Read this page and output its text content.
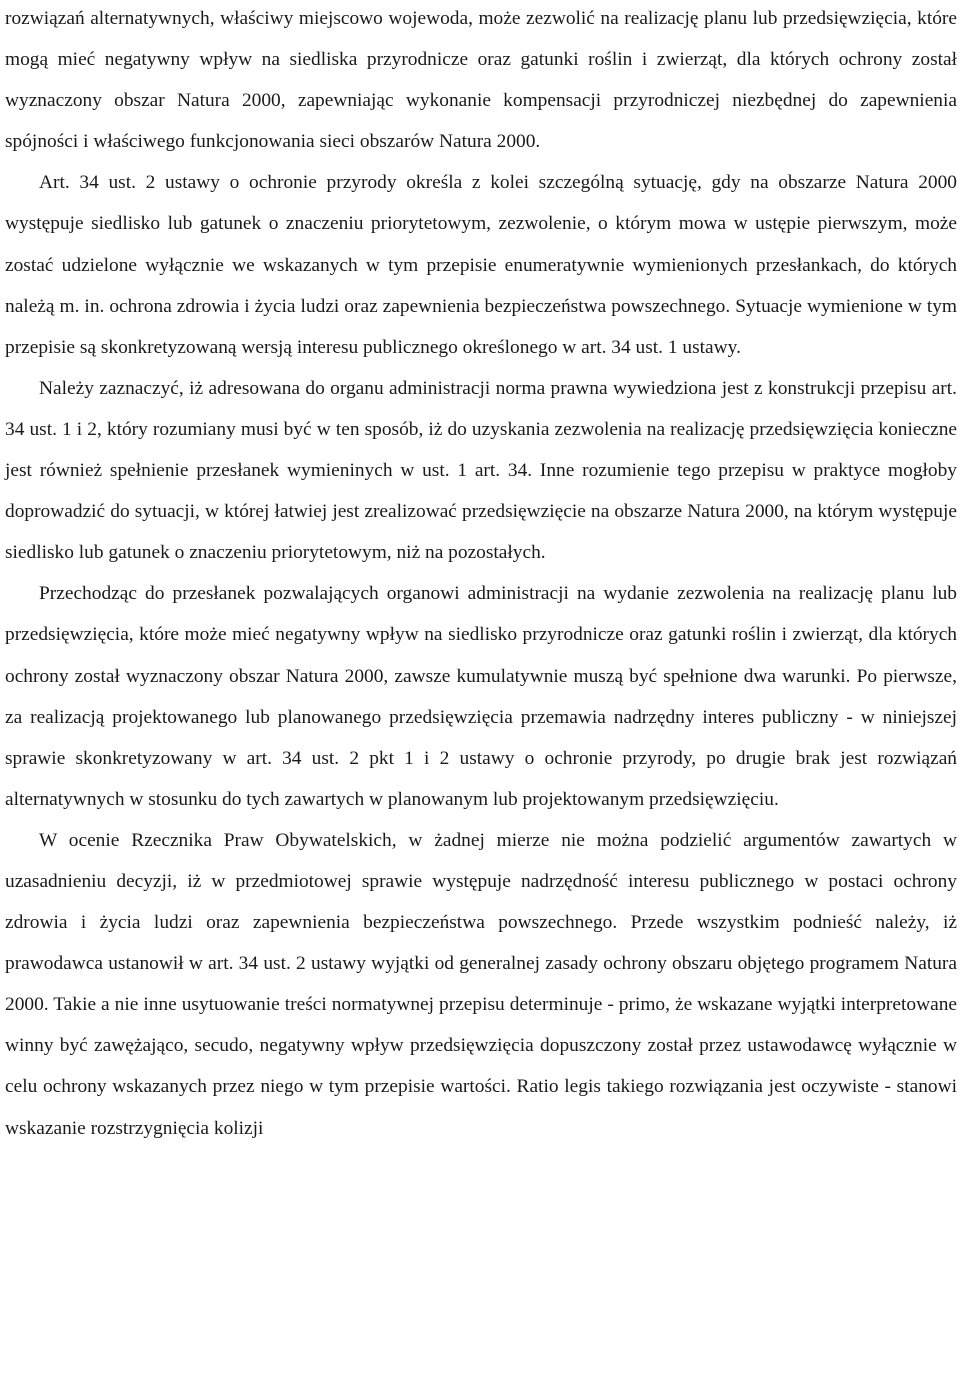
rozwiązań alternatywnych, właściwy miejscowo wojewoda, może zezwolić na realizację planu lub przedsięwzięcia, które mogą mieć negatywny wpływ na siedliska przyrodnicze oraz gatunki roślin i zwierząt, dla których ochrony został wyznaczony obszar Natura 2000, zapewniając wykonanie kompensacji przyrodniczej niezbędnej do zapewnienia spójności i właściwego funkcjonowania sieci obszarów Natura 2000.

Art. 34 ust. 2 ustawy o ochronie przyrody określa z kolei szczególną sytuację, gdy na obszarze Natura 2000 występuje siedlisko lub gatunek o znaczeniu priorytetowym, zezwolenie, o którym mowa w ustępie pierwszym, może zostać udzielone wyłącznie we wskazanych w tym przepisie enumeratywnie wymienionych przesłankach, do których należą m. in. ochrona zdrowia i życia ludzi oraz zapewnienia bezpieczeństwa powszechnego. Sytuacje wymienione w tym przepisie są skonkretyzowaną wersją interesu publicznego określonego w art. 34 ust. 1 ustawy.

Należy zaznaczyć, iż adresowana do organu administracji norma prawna wywiedziona jest z konstrukcji przepisu art. 34 ust. 1 i 2, który rozumiany musi być w ten sposób, iż do uzyskania zezwolenia na realizację przedsięwzięcia konieczne jest również spełnienie przesłanek wymieninych w ust. 1 art. 34. Inne rozumienie tego przepisu w praktyce mogłoby doprowadzić do sytuacji, w której łatwiej jest zrealizować przedsięwzięcie na obszarze Natura 2000, na którym występuje siedlisko lub gatunek o znaczeniu priorytetowym, niż na pozostałych.

Przechodząc do przesłanek pozwalających organowi administracji na wydanie zezwolenia na realizację planu lub przedsięwzięcia, które może mieć negatywny wpływ na siedlisko przyrodnicze oraz gatunki roślin i zwierząt, dla których ochrony został wyznaczony obszar Natura 2000, zawsze kumulatywnie muszą być spełnione dwa warunki. Po pierwsze, za realizacją projektowanego lub planowanego przedsięwzięcia przemawia nadrzędny interes publiczny - w niniejszej sprawie skonkretyzowany w art. 34 ust. 2 pkt 1 i 2 ustawy o ochronie przyrody, po drugie brak jest rozwiązań alternatywnych w stosunku do tych zawartych w planowanym lub projektowanym przedsięwzięciu.

W ocenie Rzecznika Praw Obywatelskich, w żadnej mierze nie można podzielić argumentów zawartych w uzasadnieniu decyzji, iż w przedmiotowej sprawie występuje nadrzędność interesu publicznego w postaci ochrony zdrowia i życia ludzi oraz zapewnienia bezpieczeństwa powszechnego. Przede wszystkim podnieść należy, iż prawodawca ustanowił w art. 34 ust. 2 ustawy wyjątki od generalnej zasady ochrony obszaru objętego programem Natura 2000. Takie a nie inne usytuowanie treści normatywnej przepisu determinuje - primo, że wskazane wyjątki interpretowane winny być zawężająco, secudo, negatywny wpływ przedsięwzięcia dopuszczony został przez ustawodawcę wyłącznie w celu ochrony wskazanych przez niego w tym przepisie wartości. Ratio legis takiego rozwiązania jest oczywiste - stanowi wskazanie rozstrzygnięcia kolizji
